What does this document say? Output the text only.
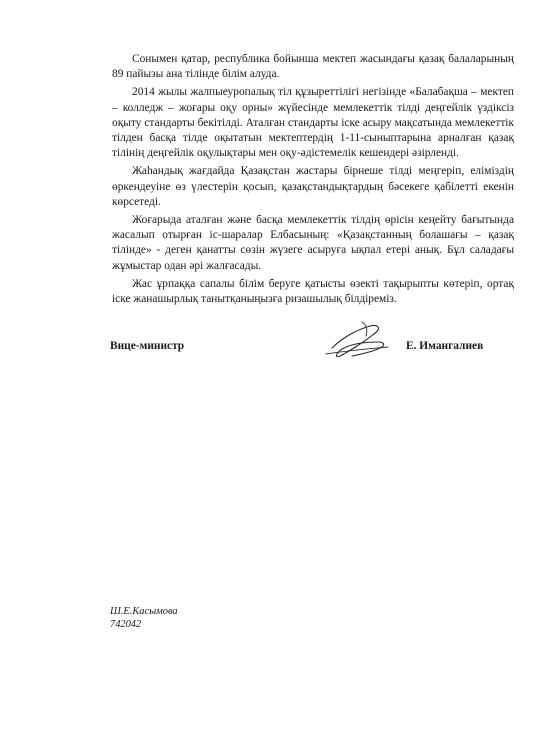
Сонымен қатар, республика бойынша мектеп жасындағы қазақ балаларының 89 пайызы ана тілінде білім алуда.

2014 жылы жалпыеуропалық тіл құзыреттілігі негізінде «Балабақша – мектеп – колледж – жоғары оқу орны» жүйесінде мемлекеттік тілді деңгейлік үздіксіз оқыту стандарты бекітілді. Аталған стандарты іске асыру мақсатында мемлекеттік тілден басқа тілде оқытатын мектептердің 1-11-сыныптарына арналған қазақ тілінің деңгейлік оқулықтары мен оқу-әдістемелік кешендері әзірленді.

Жаһандық жағдайда Қазақстан жастары бірнеше тілді меңгеріп, еліміздің өркендеуіне өз үлестерін қосып, қазақстандықтардың бәсекеге қабілетті екенін көрсетеді.

Жоғарыда аталған және басқа мемлекеттік тілдің өрісін кеңейту бағытында жасалып отырған іс-шаралар Елбасының: «Қазақстанның болашағы – қазақ тілінде» - деген қанатты сөзін жүзеге асыруға ықпал етері анық. Бұл саладағы жұмыстар одан әрі жалғасады.

Жас ұрпаққа сапалы білім беруге қатысты өзекті тақырыпты көтеріп, ортақ іске жанашырлық танытқаныңызға ризашылық білдіреміз.

Вице-министр	Е. Имангалиев
Ш.Е.Касымова
742042
